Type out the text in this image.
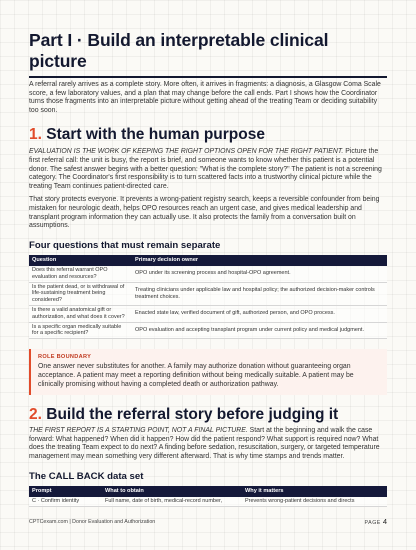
Part I · Build an interpretable clinical picture

A referral rarely arrives as a complete story. More often, it arrives in fragments: a diagnosis, a Glasgow Coma Scale score, a few laboratory values, and a plan that may change before the call ends. Part I shows how the Coordinator turns those fragments into an interpretable picture without getting ahead of the treating Team or deciding suitability too soon.

1. Start with the human purpose

EVALUATION IS THE WORK OF KEEPING THE RIGHT OPTIONS OPEN FOR THE RIGHT PATIENT. Picture the first referral call: the unit is busy, the report is brief, and someone wants to know whether this patient is a potential donor. The safest answer begins with a better question: "What is the complete story?" The patient is not a screening category. The Coordinator's first responsibility is to turn scattered facts into a trustworthy clinical picture while the treating Team continues patient-directed care.

That story protects everyone. It prevents a wrong-patient registry search, keeps a reversible confounder from being mistaken for neurologic death, helps OPO resources reach an urgent case, and gives medical leadership and transplant program information they can actually use. It also protects the family from a conversation built on assumptions.

Four questions that must remain separate
Question	Primary decision owner
Does this referral warrant OPO evaluation and resources?	OPO under its screening process and hospital-OPO agreement.
Is the patient dead, or is withdrawal of life-sustaining treatment being considered?	Treating clinicians under applicable law and hospital policy; the authorized decision-maker controls treatment choices.
Is there a valid anatomical gift or authorization, and what does it cover?	Enacted state law, verified document of gift, authorized person, and OPO process.
Is a specific organ medically suitable for a specific recipient?	OPO evaluation and accepting transplant program under current policy and medical judgment.
ROLE BOUNDARY

One answer never substitutes for another. A family may authorize donation without guaranteeing organ acceptance. A patient may meet a reporting definition without being medically suitable. A patient may be clinically promising without having a completed death or authorization pathway.

2. Build the referral story before judging it

THE FIRST REPORT IS A STARTING POINT, NOT A FINAL PICTURE. Start at the beginning and walk the case forward: What happened? When did it happen? How did the patient respond? What support is required now? What does the treating Team expect to do next? A finding before sedation, resuscitation, surgery, or targeted temperature management may mean something very different afterward. That is why time stamps and trends matter.

The CALL BACK data set
Prompt	What to obtain	Why it matters
C · Confirm identity	Full name, date of birth, medical-record number,	Prevents wrong-patient decisions and directs
CPTCexam.com | Donor Evaluation and Authorization	PAGE 4
